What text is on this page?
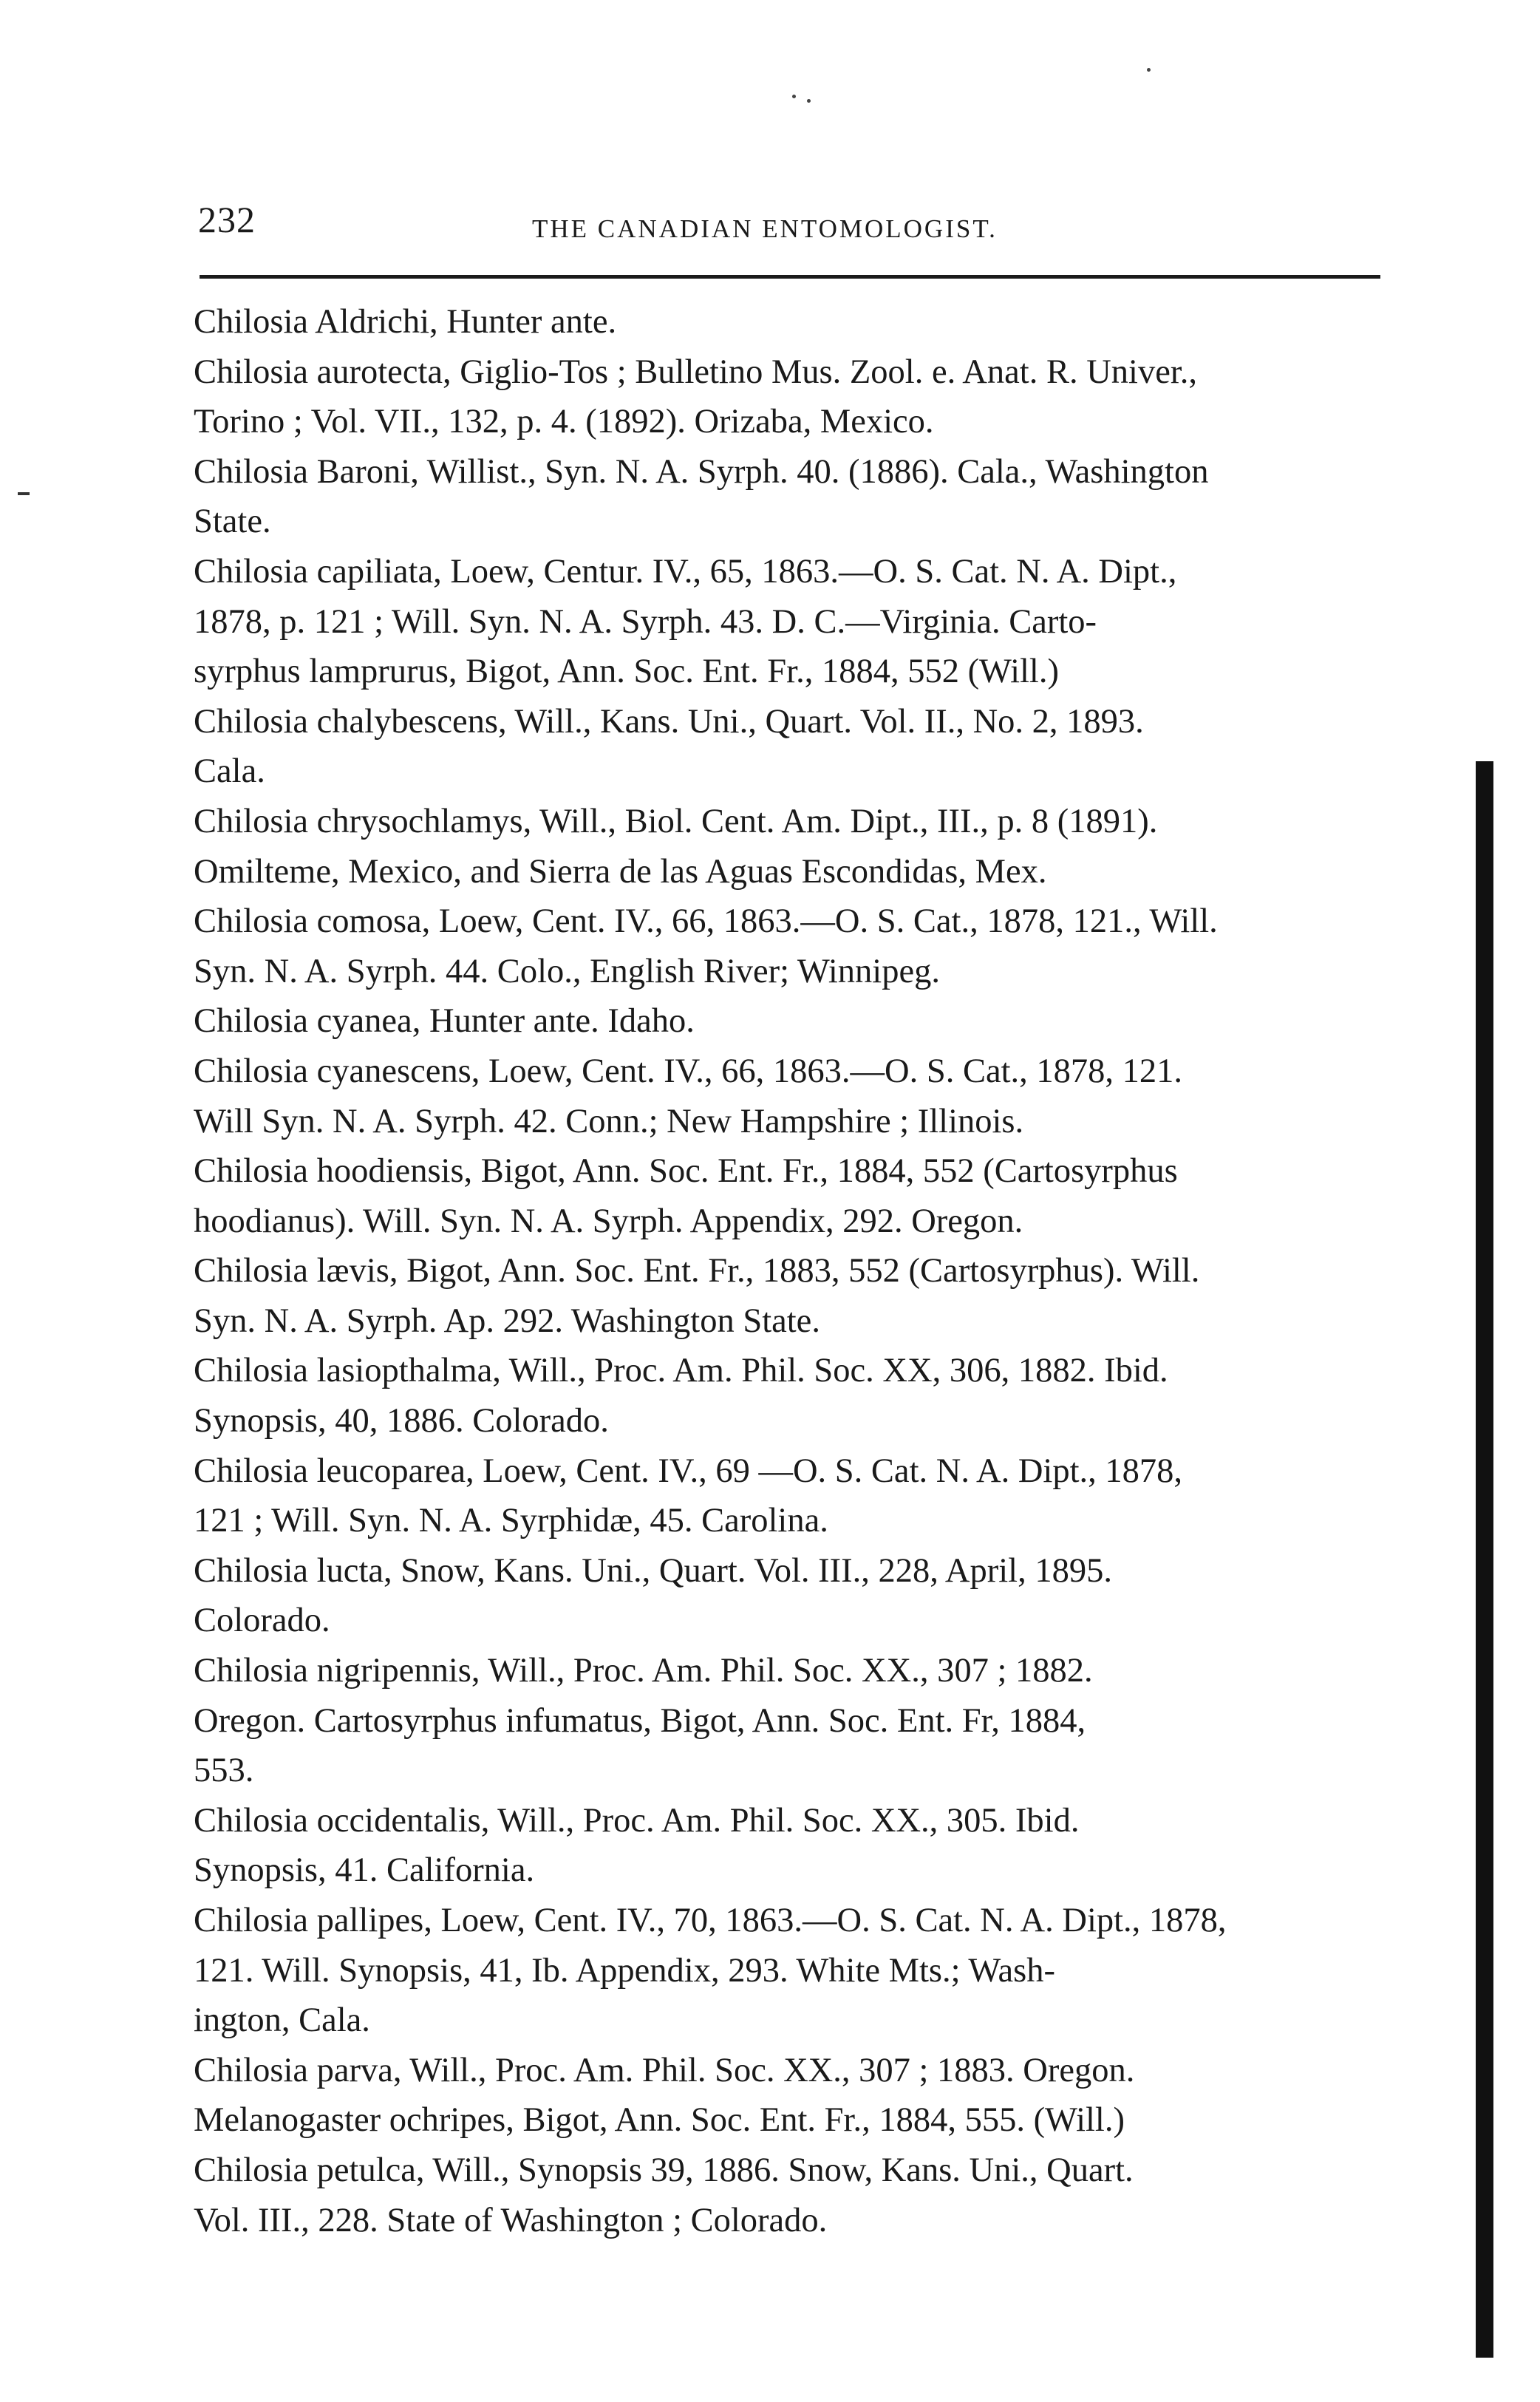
232	THE CANADIAN ENTOMOLOGIST.
Chilosia Aldrichi, Hunter ante.
Chilosia aurotecta, Giglio-Tos ; Bulletino Mus. Zool. e. Anat. R. Univer.,
Torino ; Vol. VII., 132, p. 4. (1892). Orizaba, Mexico.
Chilosia Baroni, Willist., Syn. N. A. Syrph. 40. (1886). Cala., Washington
State.
Chilosia capiliata, Loew, Centur. IV., 65, 1863.—O. S. Cat. N. A. Dipt.,
1878, p. 121 ; Will. Syn. N. A. Syrph. 43. D. C.—Virginia. Carto-
syrphus lamprurus, Bigot, Ann. Soc. Ent. Fr., 1884, 552 (Will.)
Chilosia chalybescens, Will., Kans. Uni., Quart. Vol. II., No. 2, 1893.
Cala.
Chilosia chrysochlamys, Will., Biol. Cent. Am. Dipt., III., p. 8 (1891).
Omilteme, Mexico, and Sierra de las Aguas Escondidas, Mex.
Chilosia comosa, Loew, Cent. IV., 66, 1863.—O. S. Cat., 1878, 121., Will.
Syn. N. A. Syrph. 44. Colo., English River; Winnipeg.
Chilosia cyanea, Hunter ante. Idaho.
Chilosia cyanescens, Loew, Cent. IV., 66, 1863.—O. S. Cat., 1878, 121.
Will Syn. N. A. Syrph. 42. Conn.; New Hampshire ; Illinois.
Chilosia hoodiensis, Bigot, Ann. Soc. Ent. Fr., 1884, 552 (Cartosyrphus
hoodianus). Will. Syn. N. A. Syrph. Appendix, 292. Oregon.
Chilosia lævis, Bigot, Ann. Soc. Ent. Fr., 1883, 552 (Cartosyrphus). Will.
Syn. N. A. Syrph. Ap. 292. Washington State.
Chilosia lasiopthalma, Will., Proc. Am. Phil. Soc. XX, 306, 1882. Ibid.
Synopsis, 40, 1886. Colorado.
Chilosia leucoparea, Loew, Cent. IV., 69 —O. S. Cat. N. A. Dipt., 1878,
121 ; Will. Syn. N. A. Syrphidæ, 45. Carolina.
Chilosia lucta, Snow, Kans. Uni., Quart. Vol. III., 228, April, 1895.
Colorado.
Chilosia nigripennis, Will., Proc. Am. Phil. Soc. XX., 307 ; 1882.
Oregon. Cartosyrphus infumatus, Bigot, Ann. Soc. Ent. Fr, 1884,
553.
Chilosia occidentalis, Will., Proc. Am. Phil. Soc. XX., 305. Ibid.
Synopsis, 41. California.
Chilosia pallipes, Loew, Cent. IV., 70, 1863.—O. S. Cat. N. A. Dipt., 1878,
121. Will. Synopsis, 41, Ib. Appendix, 293. White Mts.; Wash-
ington, Cala.
Chilosia parva, Will., Proc. Am. Phil. Soc. XX., 307 ; 1883. Oregon.
Melanogaster ochripes, Bigot, Ann. Soc. Ent. Fr., 1884, 555. (Will.)
Chilosia petulca, Will., Synopsis 39, 1886. Snow, Kans. Uni., Quart.
Vol. III., 228. State of Washington ; Colorado.
